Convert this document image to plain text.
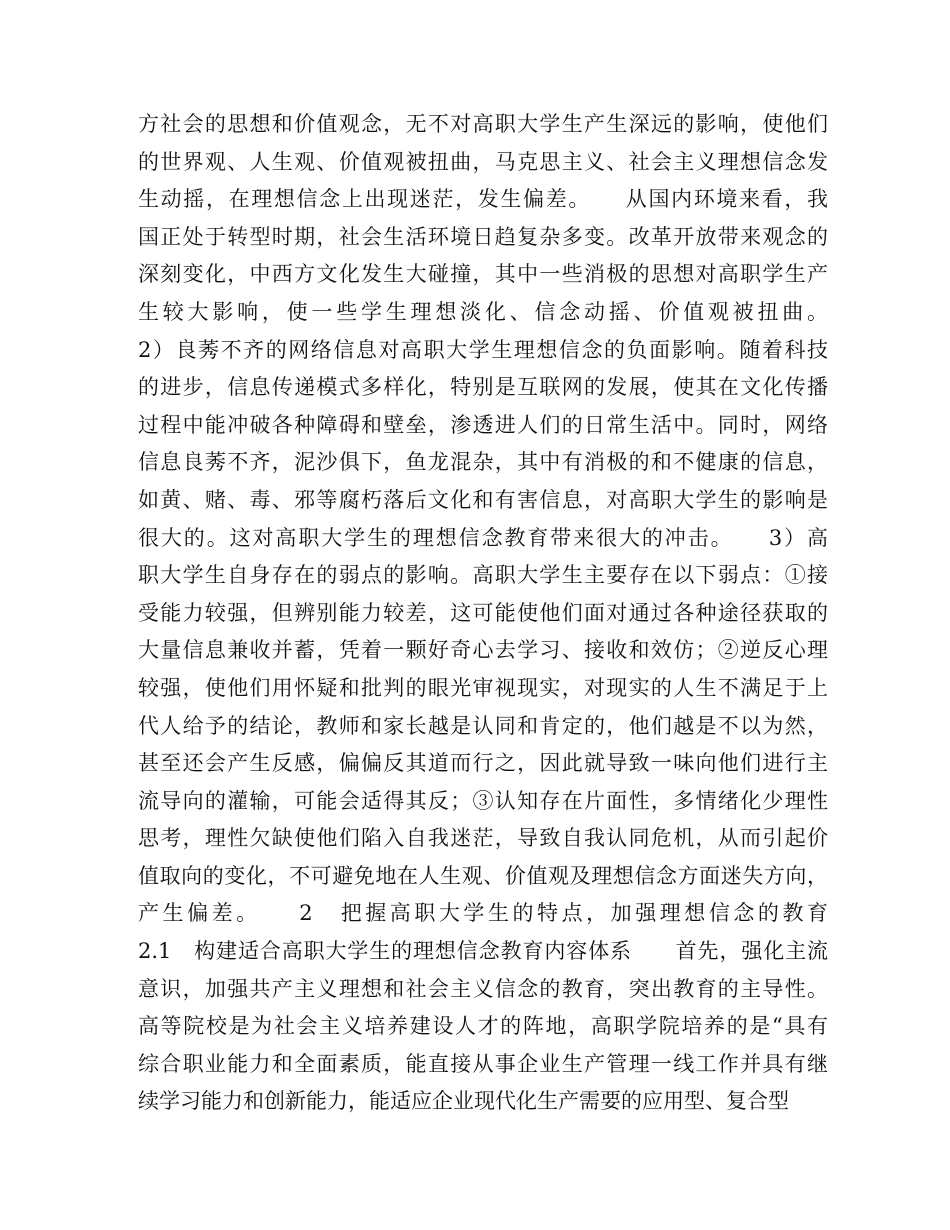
方社会的思想和价值观念，无不对高职大学生产生深远的影响，使他们
的世界观、人生观、价值观被扭曲，马克思主义、社会主义理想信念发
生动摇，在理想信念上出现迷茫，发生偏差。　　从国内环境来看，我
国正处于转型时期，社会生活环境日趋复杂多变。改革开放带来观念的
深刻变化，中西方文化发生大碰撞，其中一些消极的思想对高职学生产
生较大影响，使一些学生理想淡化、信念动摇、价值观被扭曲。
2）良莠不齐的网络信息对高职大学生理想信念的负面影响。随着科技
的进步，信息传递模式多样化，特别是互联网的发展，使其在文化传播
过程中能冲破各种障碍和壁垒，渗透进人们的日常生活中。同时，网络
信息良莠不齐，泥沙俱下，鱼龙混杂，其中有消极的和不健康的信息，
如黄、赌、毒、邪等腐朽落后文化和有害信息，对高职大学生的影响是
很大的。这对高职大学生的理想信念教育带来很大的冲击。　　3）高
职大学生自身存在的弱点的影响。高职大学生主要存在以下弱点：①接
受能力较强，但辨别能力较差，这可能使他们面对通过各种途径获取的
大量信息兼收并蓄，凭着一颗好奇心去学习、接收和效仿；②逆反心理
较强，使他们用怀疑和批判的眼光审视现实，对现实的人生不满足于上
代人给予的结论，教师和家长越是认同和肯定的，他们越是不以为然，
甚至还会产生反感，偏偏反其道而行之，因此就导致一味向他们进行主
流导向的灌输，可能会适得其反；③认知存在片面性，多情绪化少理性
思考，理性欠缺使他们陷入自我迷茫，导致自我认同危机，从而引起价
值取向的变化，不可避免地在人生观、价值观及理想信念方面迷失方向，
产生偏差。　　2　把握高职大学生的特点，加强理想信念的教育
2.1　构建适合高职大学生的理想信念教育内容体系　　首先，强化主流
意识，加强共产主义理想和社会主义信念的教育，突出教育的主导性。
高等院校是为社会主义培养建设人才的阵地，高职学院培养的是“具有
综合职业能力和全面素质，能直接从事企业生产管理一线工作并具有继
续学习能力和创新能力，能适应企业现代化生产需要的应用型、复合型
